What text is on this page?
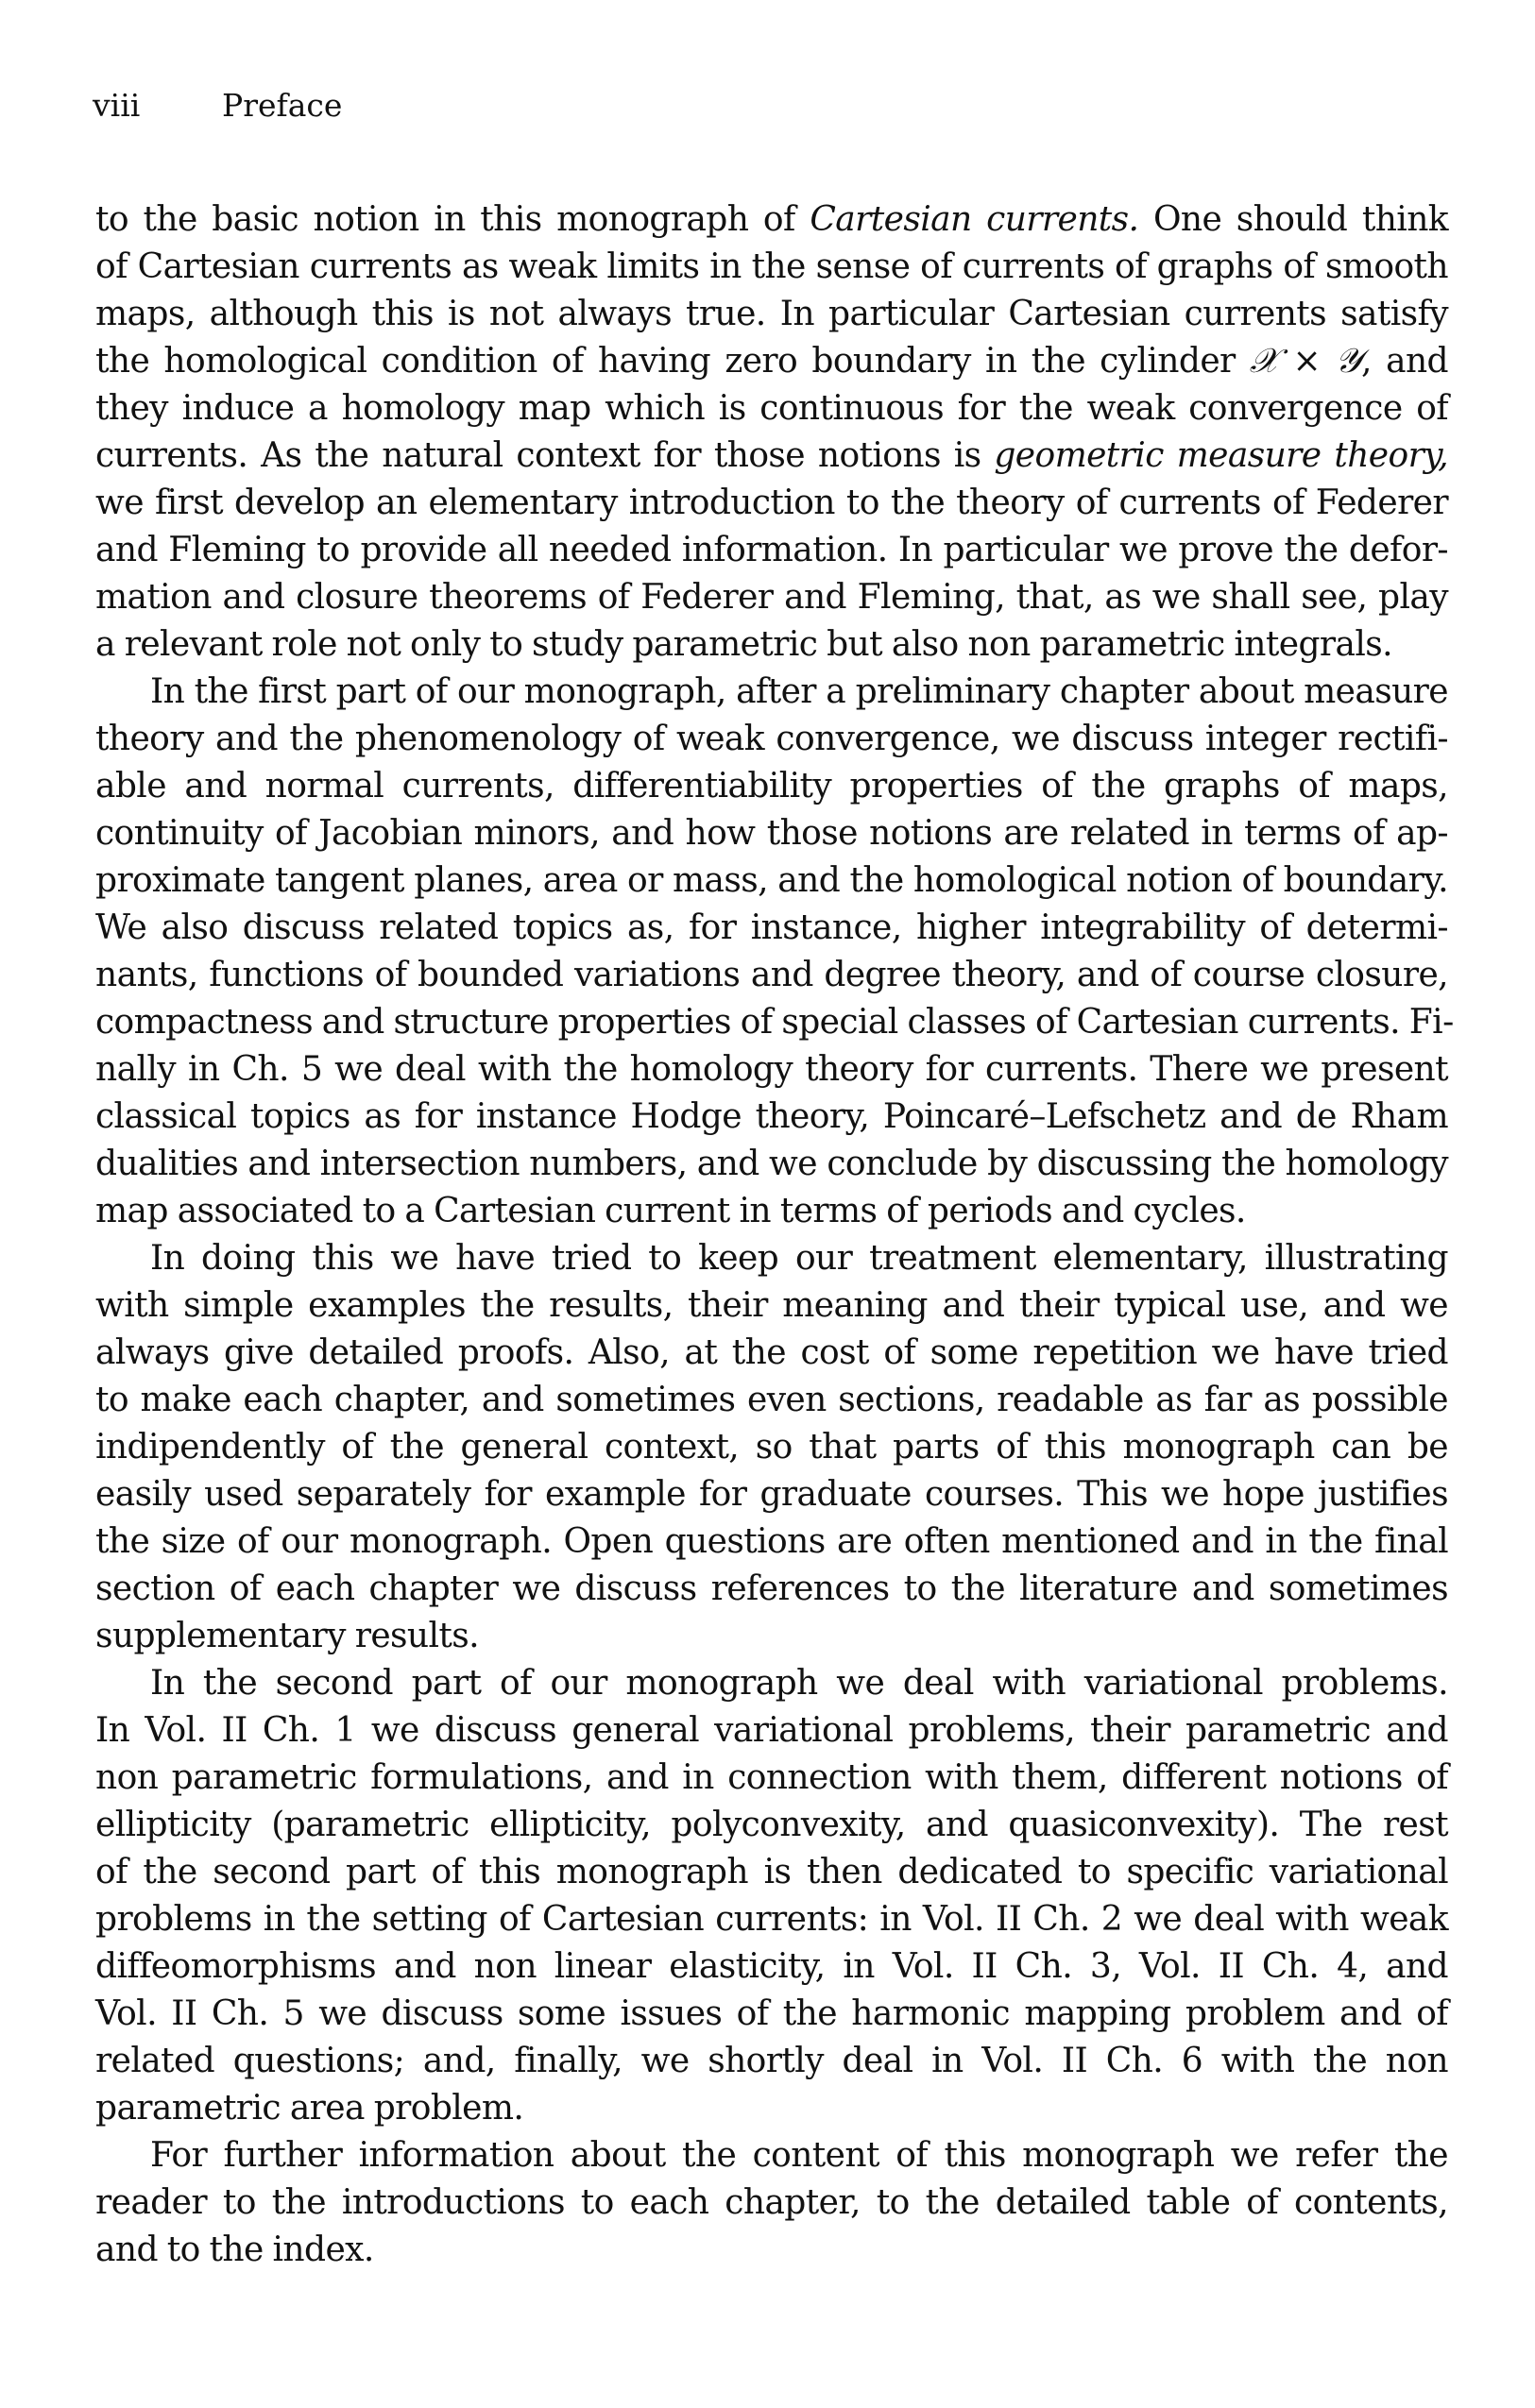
viii	Preface
to the basic notion in this monograph of Cartesian currents. One should think
of Cartesian currents as weak limits in the sense of currents of graphs of smooth
maps, although this is not always true. In particular Cartesian currents satisfy
the homological condition of having zero boundary in the cylinder 𝒳 × 𝒴, and
they induce a homology map which is continuous for the weak convergence of
currents. As the natural context for those notions is geometric measure theory,
we first develop an elementary introduction to the theory of currents of Federer
and Fleming to provide all needed information. In particular we prove the defor-
mation and closure theorems of Federer and Fleming, that, as we shall see, play
a relevant role not only to study parametric but also non parametric integrals.
In the first part of our monograph, after a preliminary chapter about measure
theory and the phenomenology of weak convergence, we discuss integer rectifi-
able and normal currents, differentiability properties of the graphs of maps,
continuity of Jacobian minors, and how those notions are related in terms of ap-
proximate tangent planes, area or mass, and the homological notion of boundary.
We also discuss related topics as, for instance, higher integrability of determi-
nants, functions of bounded variations and degree theory, and of course closure,
compactness and structure properties of special classes of Cartesian currents. Fi-
nally in Ch. 5 we deal with the homology theory for currents. There we present
classical topics as for instance Hodge theory, Poincaré–Lefschetz and de Rham
dualities and intersection numbers, and we conclude by discussing the homology
map associated to a Cartesian current in terms of periods and cycles.
In doing this we have tried to keep our treatment elementary, illustrating
with simple examples the results, their meaning and their typical use, and we
always give detailed proofs. Also, at the cost of some repetition we have tried
to make each chapter, and sometimes even sections, readable as far as possible
indipendently of the general context, so that parts of this monograph can be
easily used separately for example for graduate courses. This we hope justifies
the size of our monograph. Open questions are often mentioned and in the final
section of each chapter we discuss references to the literature and sometimes
supplementary results.
In the second part of our monograph we deal with variational problems.
In Vol. II Ch. 1 we discuss general variational problems, their parametric and
non parametric formulations, and in connection with them, different notions of
ellipticity (parametric ellipticity, polyconvexity, and quasiconvexity). The rest
of the second part of this monograph is then dedicated to specific variational
problems in the setting of Cartesian currents: in Vol. II Ch. 2 we deal with weak
diffeomorphisms and non linear elasticity, in Vol. II Ch. 3, Vol. II Ch. 4, and
Vol. II Ch. 5 we discuss some issues of the harmonic mapping problem and of
related questions; and, finally, we shortly deal in Vol. II Ch. 6 with the non
parametric area problem.
For further information about the content of this monograph we refer the
reader to the introductions to each chapter, to the detailed table of contents,
and to the index.
